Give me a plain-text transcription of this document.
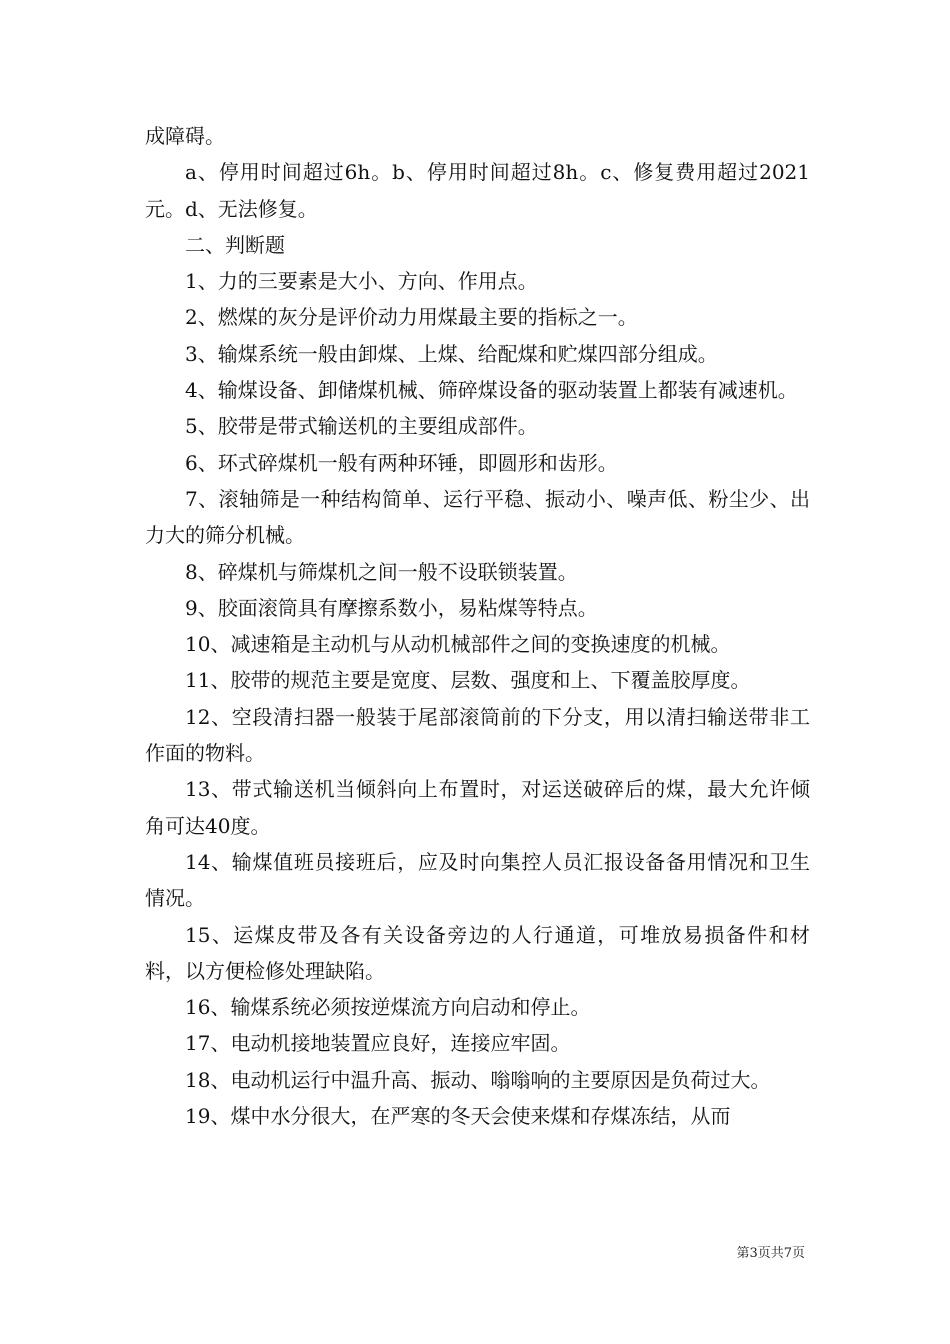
成障碍。

a、停用时间超过6h。b、停用时间超过8h。c、修复费用超过2021元。d、无法修复。

二、判断题

1、力的三要素是大小、方向、作用点。

2、燃煤的灰分是评价动力用煤最主要的指标之一。

3、输煤系统一般由卸煤、上煤、给配煤和贮煤四部分组成。

4、输煤设备、卸储煤机械、筛碎煤设备的驱动装置上都装有减速机。

5、胶带是带式输送机的主要组成部件。

6、环式碎煤机一般有两种环锤，即圆形和齿形。

7、滚轴筛是一种结构简单、运行平稳、振动小、噪声低、粉尘少、出力大的筛分机械。

8、碎煤机与筛煤机之间一般不设联锁装置。

9、胶面滚筒具有摩擦系数小，易粘煤等特点。

10、减速箱是主动机与从动机械部件之间的变换速度的机械。

11、胶带的规范主要是宽度、层数、强度和上、下覆盖胶厚度。

12、空段清扫器一般装于尾部滚筒前的下分支，用以清扫输送带非工作面的物料。

13、带式输送机当倾斜向上布置时，对运送破碎后的煤，最大允许倾角可达40度。

14、输煤值班员接班后，应及时向集控人员汇报设备备用情况和卫生情况。

15、运煤皮带及各有关设备旁边的人行通道，可堆放易损备件和材料，以方便检修处理缺陷。

16、输煤系统必须按逆煤流方向启动和停止。

17、电动机接地装置应良好，连接应牢固。

18、电动机运行中温升高、振动、嗡嗡响的主要原因是负荷过大。

19、煤中水分很大，在严寒的冬天会使来煤和存煤冻结，从而

第3页共7页
